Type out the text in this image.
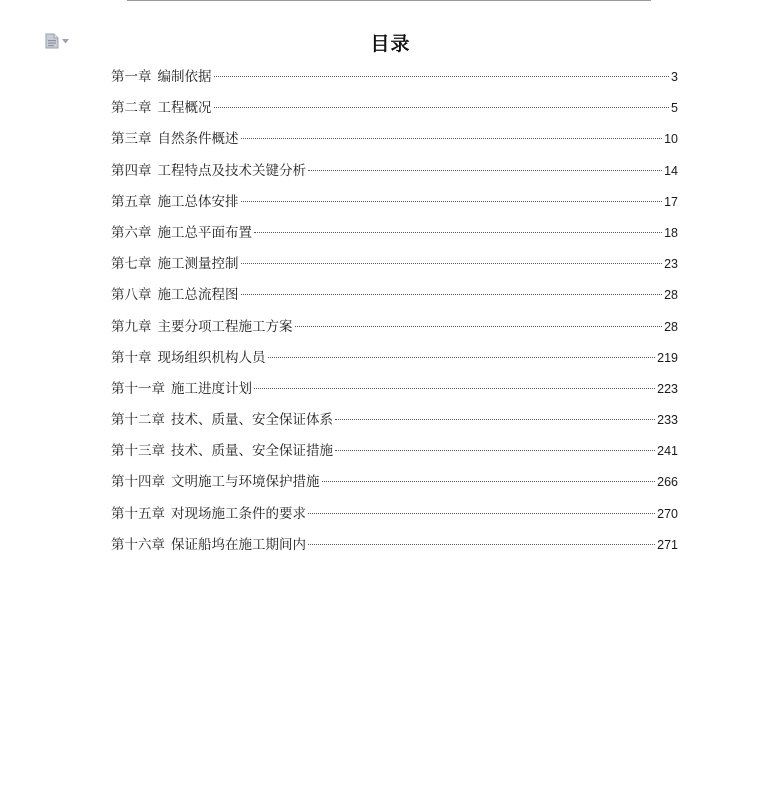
目录
第一章 编制依据	3
第二章 工程概况	5
第三章 自然条件概述	10
第四章 工程特点及技术关键分析	14
第五章 施工总体安排	17
第六章 施工总平面布置	18
第七章 施工测量控制	23
第八章 施工总流程图	28
第九章 主要分项工程施工方案	28
第十章 现场组织机构人员	219
第十一章 施工进度计划	223
第十二章 技术、质量、安全保证体系	233
第十三章 技术、质量、安全保证措施	241
第十四章 文明施工与环境保护措施	266
第十五章 对现场施工条件的要求	270
第十六章 保证船坞在施工期间内	271
